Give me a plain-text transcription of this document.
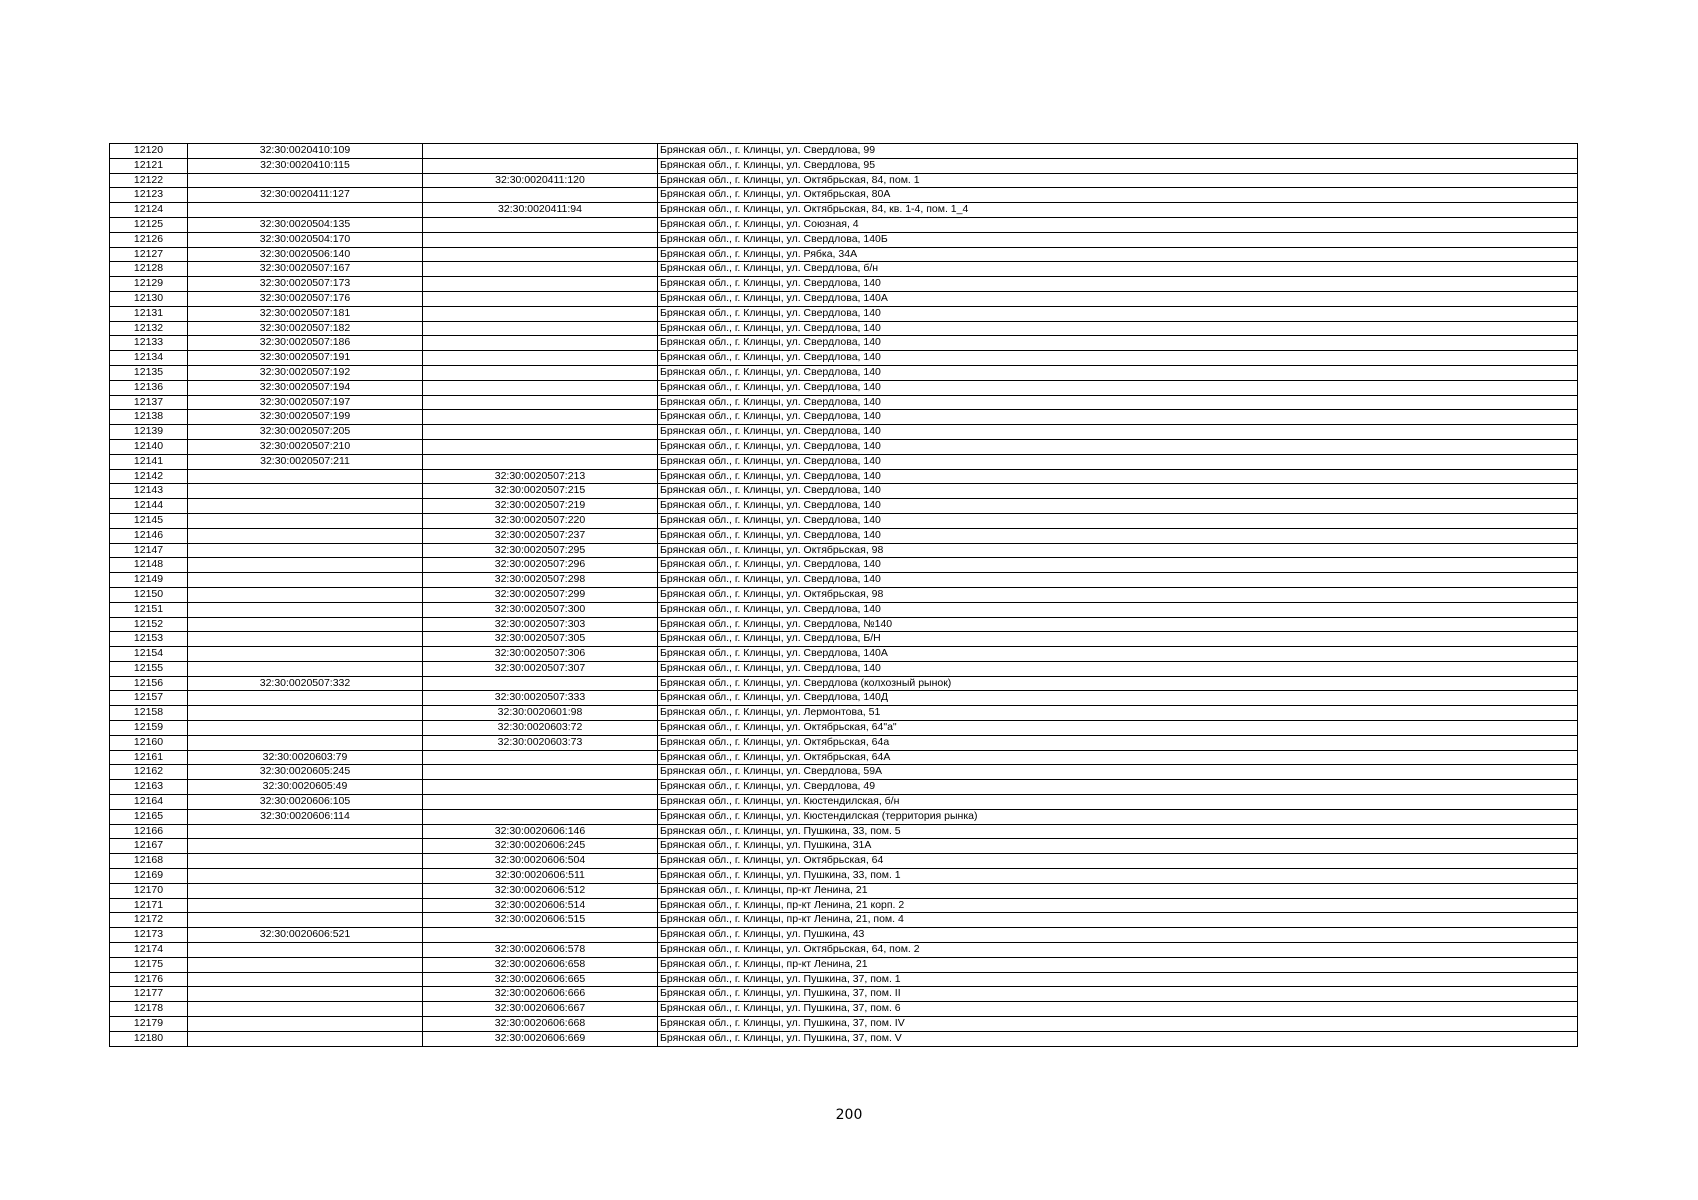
12120	32:30:0020410:109		Брянская обл., г. Клинцы, ул. Свердлова, 99
12121	32:30:0020410:115		Брянская обл., г. Клинцы, ул. Свердлова, 95
12122		32:30:0020411:120	Брянская обл., г. Клинцы, ул. Октябрьская, 84, пом. 1
12123	32:30:0020411:127		Брянская обл., г. Клинцы, ул. Октябрьская, 80А
12124		32:30:0020411:94	Брянская обл., г. Клинцы, ул. Октябрьская, 84, кв. 1-4, пом. 1_4
12125	32:30:0020504:135		Брянская обл., г. Клинцы, ул. Союзная, 4
12126	32:30:0020504:170		Брянская обл., г. Клинцы, ул. Свердлова, 140Б
12127	32:30:0020506:140		Брянская обл., г. Клинцы, ул. Рябка, 34А
12128	32:30:0020507:167		Брянская обл., г. Клинцы, ул. Свердлова, б/н
12129	32:30:0020507:173		Брянская обл., г. Клинцы, ул. Свердлова, 140
12130	32:30:0020507:176		Брянская обл., г. Клинцы, ул. Свердлова, 140А
12131	32:30:0020507:181		Брянская обл., г. Клинцы, ул. Свердлова, 140
12132	32:30:0020507:182		Брянская обл., г. Клинцы, ул. Свердлова, 140
12133	32:30:0020507:186		Брянская обл., г. Клинцы, ул. Свердлова, 140
12134	32:30:0020507:191		Брянская обл., г. Клинцы, ул. Свердлова, 140
12135	32:30:0020507:192		Брянская обл., г. Клинцы, ул. Свердлова, 140
12136	32:30:0020507:194		Брянская обл., г. Клинцы, ул. Свердлова, 140
12137	32:30:0020507:197		Брянская обл., г. Клинцы, ул. Свердлова, 140
12138	32:30:0020507:199		Брянская обл., г. Клинцы, ул. Свердлова, 140
12139	32:30:0020507:205		Брянская обл., г. Клинцы, ул. Свердлова, 140
12140	32:30:0020507:210		Брянская обл., г. Клинцы, ул. Свердлова, 140
12141	32:30:0020507:211		Брянская обл., г. Клинцы, ул. Свердлова, 140
12142		32:30:0020507:213	Брянская обл., г. Клинцы, ул. Свердлова, 140
12143		32:30:0020507:215	Брянская обл., г. Клинцы, ул. Свердлова, 140
12144		32:30:0020507:219	Брянская обл., г. Клинцы, ул. Свердлова, 140
12145		32:30:0020507:220	Брянская обл., г. Клинцы, ул. Свердлова, 140
12146		32:30:0020507:237	Брянская обл., г. Клинцы, ул. Свердлова, 140
12147		32:30:0020507:295	Брянская обл., г. Клинцы, ул. Октябрьская, 98
12148		32:30:0020507:296	Брянская обл., г. Клинцы, ул. Свердлова, 140
12149		32:30:0020507:298	Брянская обл., г. Клинцы, ул. Свердлова, 140
12150		32:30:0020507:299	Брянская обл., г. Клинцы, ул. Октябрьская, 98
12151		32:30:0020507:300	Брянская обл., г. Клинцы, ул. Свердлова, 140
12152		32:30:0020507:303	Брянская обл., г. Клинцы, ул. Свердлова, №140
12153		32:30:0020507:305	Брянская обл., г. Клинцы, ул. Свердлова, Б/Н
12154		32:30:0020507:306	Брянская обл., г. Клинцы, ул. Свердлова, 140А
12155		32:30:0020507:307	Брянская обл., г. Клинцы, ул. Свердлова, 140
12156	32:30:0020507:332		Брянская обл., г. Клинцы, ул. Свердлова (колхозный рынок)
12157		32:30:0020507:333	Брянская обл., г. Клинцы, ул. Свердлова, 140Д
12158		32:30:0020601:98	Брянская обл., г. Клинцы, ул. Лермонтова, 51
12159		32:30:0020603:72	Брянская обл., г. Клинцы, ул. Октябрьская, 64"а"
12160		32:30:0020603:73	Брянская обл., г. Клинцы, ул. Октябрьская, 64а
12161	32:30:0020603:79		Брянская обл., г. Клинцы, ул. Октябрьская, 64А
12162	32:30:0020605:245		Брянская обл., г. Клинцы, ул. Свердлова, 59А
12163	32:30:0020605:49		Брянская обл., г. Клинцы, ул. Свердлова, 49
12164	32:30:0020606:105		Брянская обл., г. Клинцы, ул. Кюстендилская, б/н
12165	32:30:0020606:114		Брянская обл., г. Клинцы, ул. Кюстендилская (территория рынка)
12166		32:30:0020606:146	Брянская обл., г. Клинцы, ул. Пушкина, 33, пом. 5
12167		32:30:0020606:245	Брянская обл., г. Клинцы, ул. Пушкина, 31А
12168		32:30:0020606:504	Брянская обл., г. Клинцы, ул. Октябрьская, 64
12169		32:30:0020606:511	Брянская обл., г. Клинцы, ул. Пушкина, 33, пом. 1
12170		32:30:0020606:512	Брянская обл., г. Клинцы, пр-кт Ленина, 21
12171		32:30:0020606:514	Брянская обл., г. Клинцы, пр-кт Ленина, 21 корп. 2
12172		32:30:0020606:515	Брянская обл., г. Клинцы, пр-кт Ленина, 21, пом. 4
12173	32:30:0020606:521		Брянская обл., г. Клинцы, ул. Пушкина, 43
12174		32:30:0020606:578	Брянская обл., г. Клинцы, ул. Октябрьская, 64, пом. 2
12175		32:30:0020606:658	Брянская обл., г. Клинцы, пр-кт Ленина, 21
12176		32:30:0020606:665	Брянская обл., г. Клинцы, ул. Пушкина, 37, пом. 1
12177		32:30:0020606:666	Брянская обл., г. Клинцы, ул. Пушкина, 37, пом. II
12178		32:30:0020606:667	Брянская обл., г. Клинцы, ул. Пушкина, 37, пом. 6
12179		32:30:0020606:668	Брянская обл., г. Клинцы, ул. Пушкина, 37, пом. IV
12180		32:30:0020606:669	Брянская обл., г. Клинцы, ул. Пушкина, 37, пом. V
200
